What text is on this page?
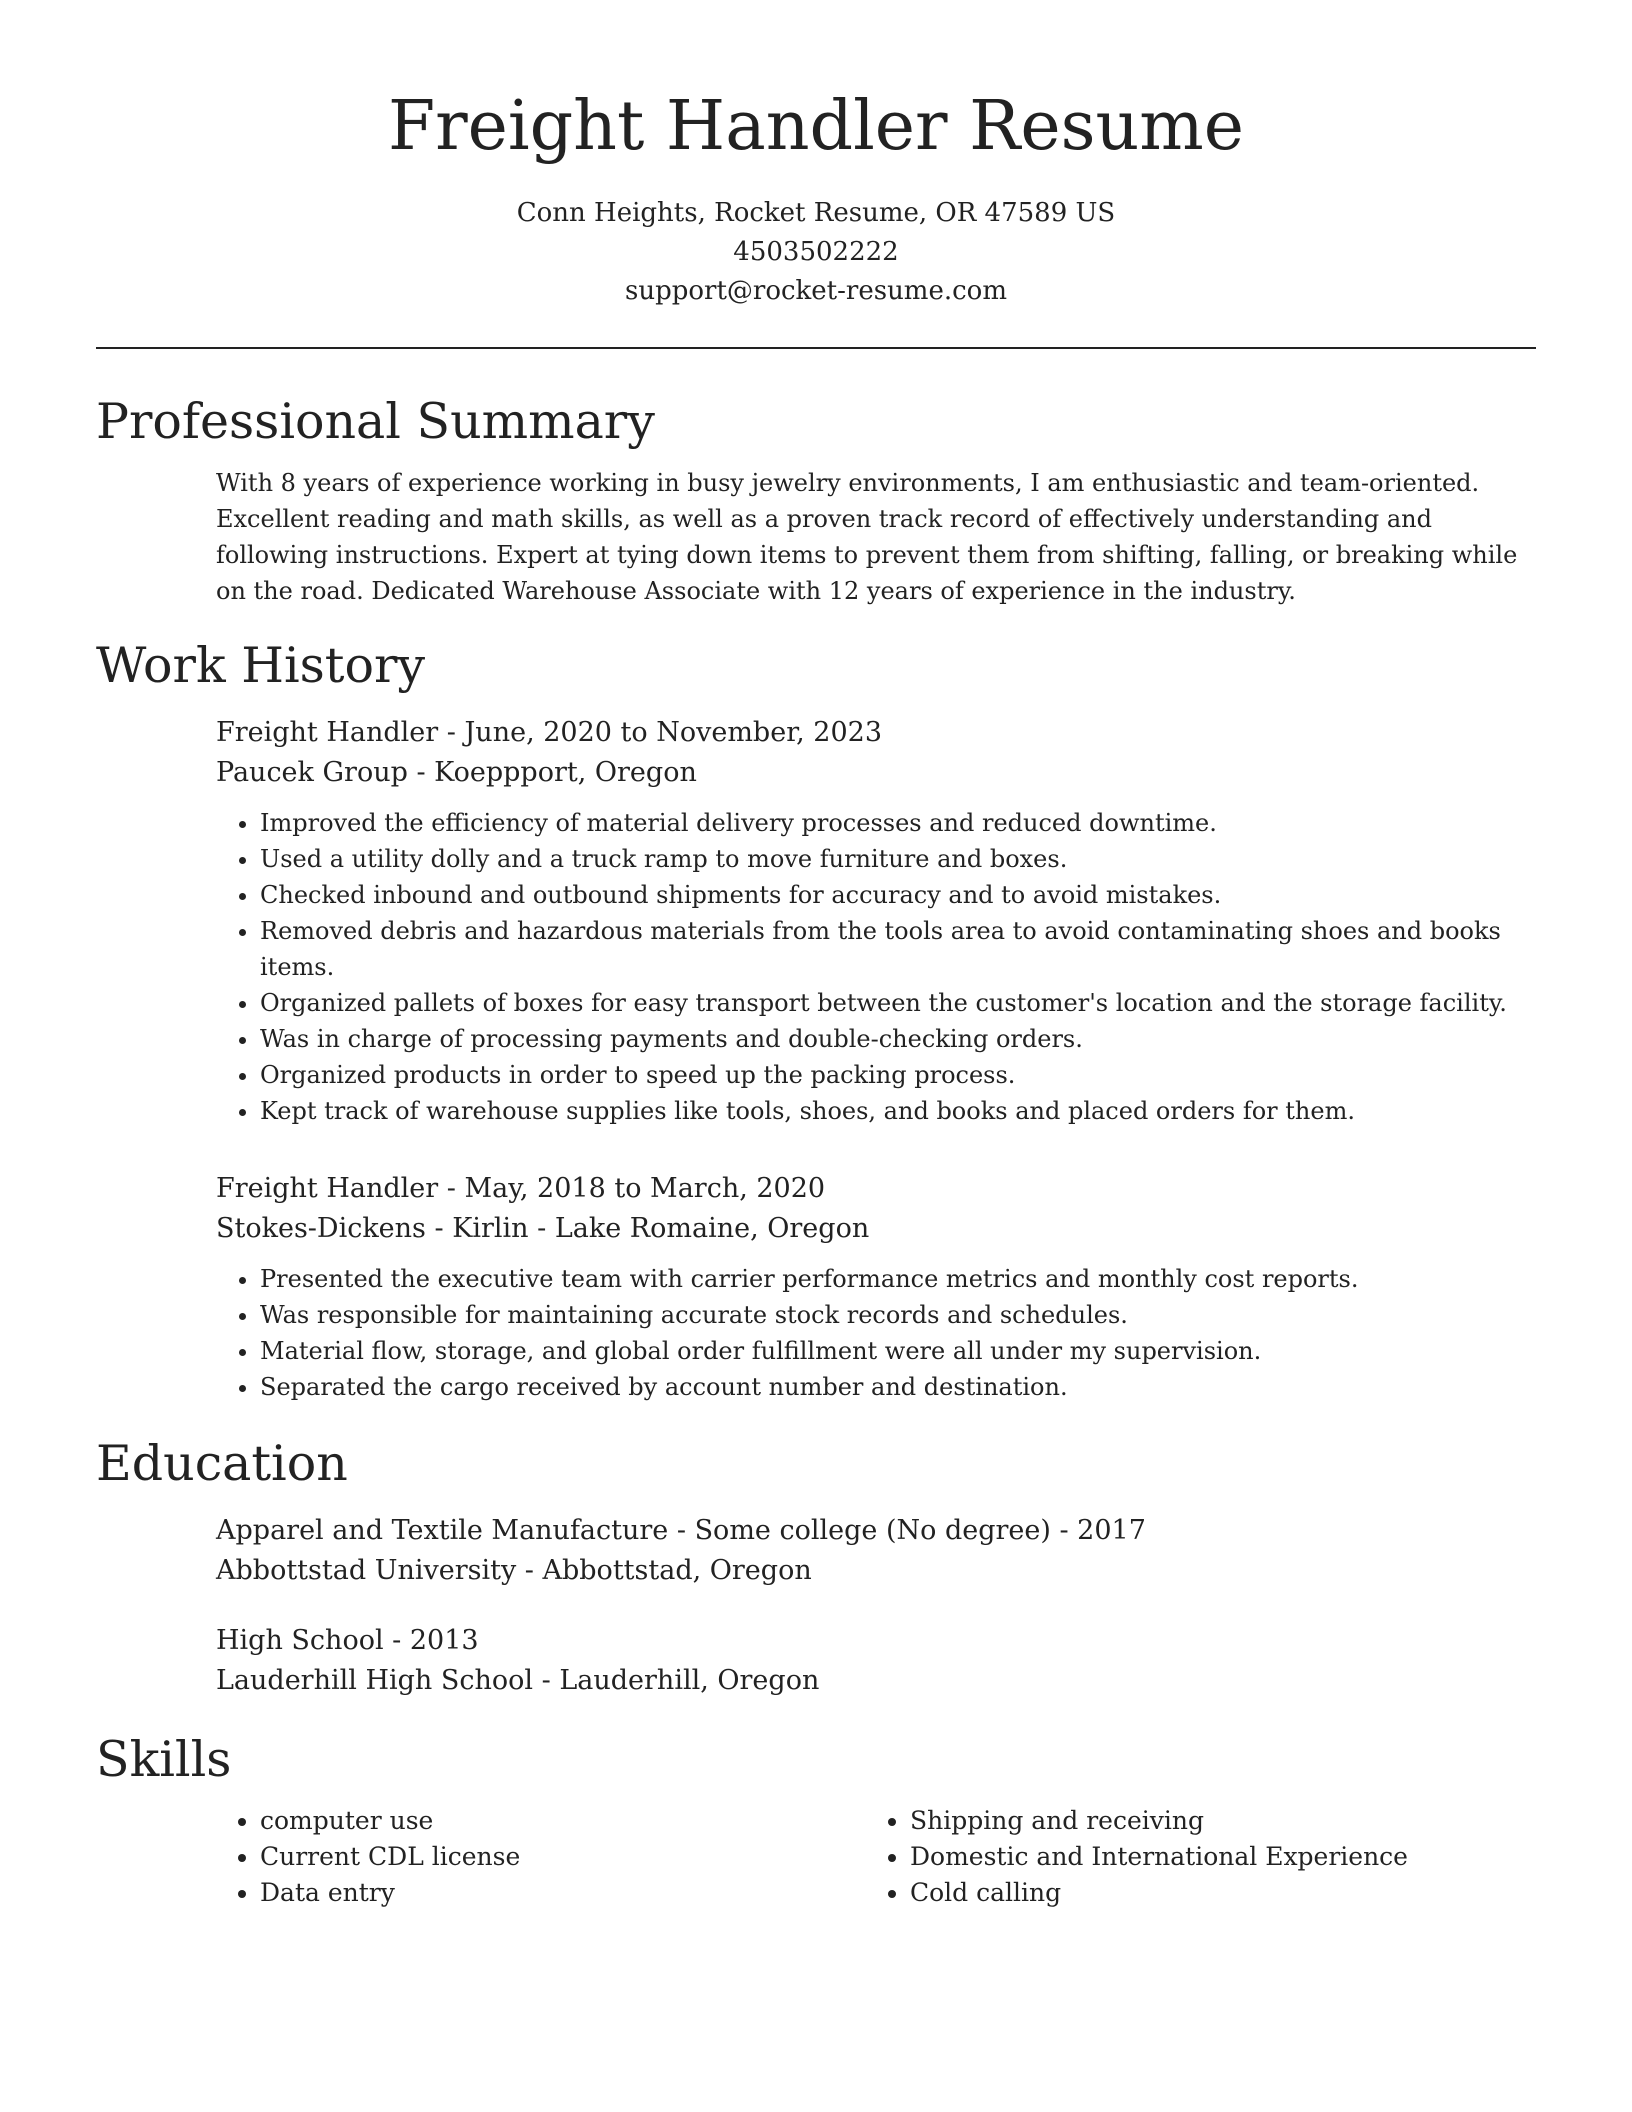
Freight Handler Resume
Conn Heights, Rocket Resume, OR 47589 US
4503502222
support@rocket-resume.com
Professional Summary
With 8 years of experience working in busy jewelry environments, I am enthusiastic and team-oriented. Excellent reading and math skills, as well as a proven track record of effectively understanding and following instructions. Expert at tying down items to prevent them from shifting, falling, or breaking while on the road. Dedicated Warehouse Associate with 12 years of experience in the industry.
Work History
Freight Handler - June, 2020 to November, 2023
Paucek Group - Koeppport, Oregon
• Improved the efficiency of material delivery processes and reduced downtime.
• Used a utility dolly and a truck ramp to move furniture and boxes.
• Checked inbound and outbound shipments for accuracy and to avoid mistakes.
• Removed debris and hazardous materials from the tools area to avoid contaminating shoes and books items.
• Organized pallets of boxes for easy transport between the customer's location and the storage facility.
• Was in charge of processing payments and double-checking orders.
• Organized products in order to speed up the packing process.
• Kept track of warehouse supplies like tools, shoes, and books and placed orders for them.
Freight Handler - May, 2018 to March, 2020
Stokes-Dickens - Kirlin - Lake Romaine, Oregon
• Presented the executive team with carrier performance metrics and monthly cost reports.
• Was responsible for maintaining accurate stock records and schedules.
• Material flow, storage, and global order fulfillment were all under my supervision.
• Separated the cargo received by account number and destination.
Education
Apparel and Textile Manufacture - Some college (No degree) - 2017
Abbottstad University - Abbottstad, Oregon
High School - 2013
Lauderhill High School - Lauderhill, Oregon
Skills
• computer use
• Current CDL license
• Data entry
• Shipping and receiving
• Domestic and International Experience
• Cold calling
